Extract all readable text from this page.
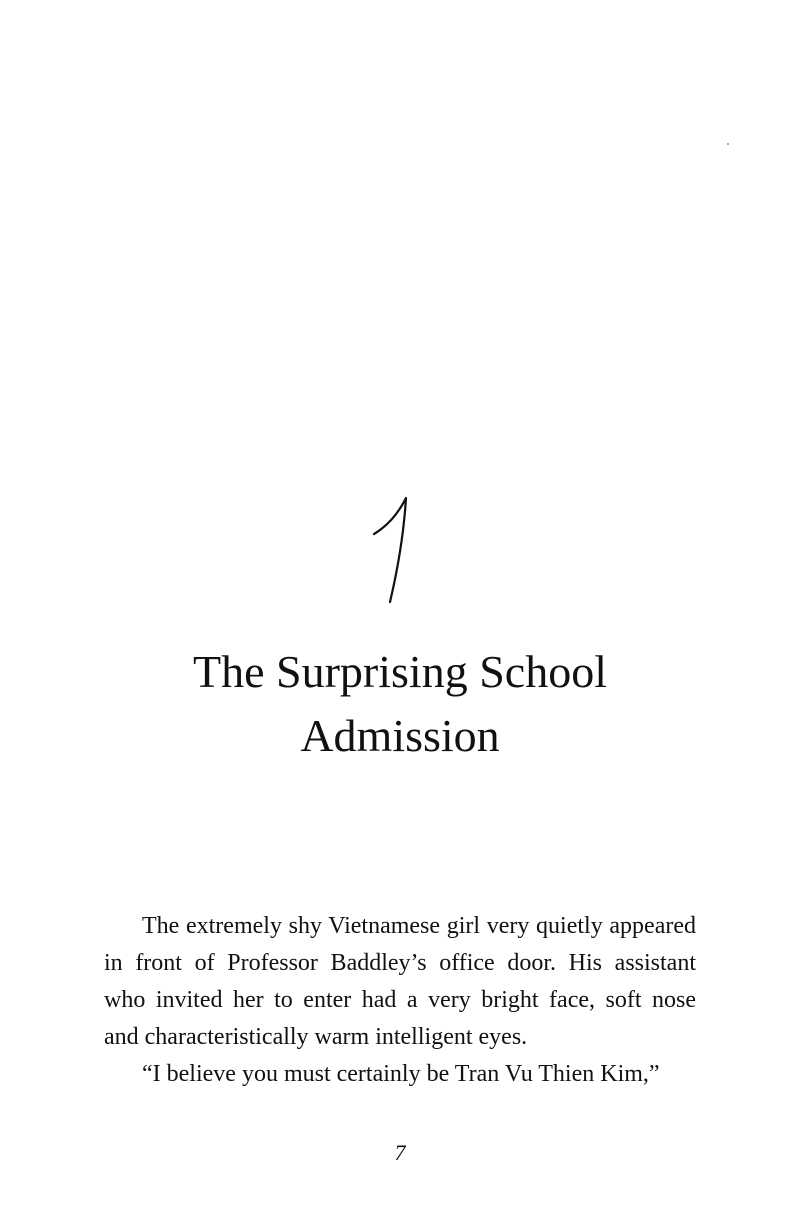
The Surprising School
Admission

The extremely shy Vietnamese girl very quietly appeared
in front of Professor Baddley’s office door. His assistant
who invited her to enter had a very bright face, soft nose
and characteristically warm intelligent eyes.
“I believe you must certainly be Tran Vu Thien Kim,”

7
